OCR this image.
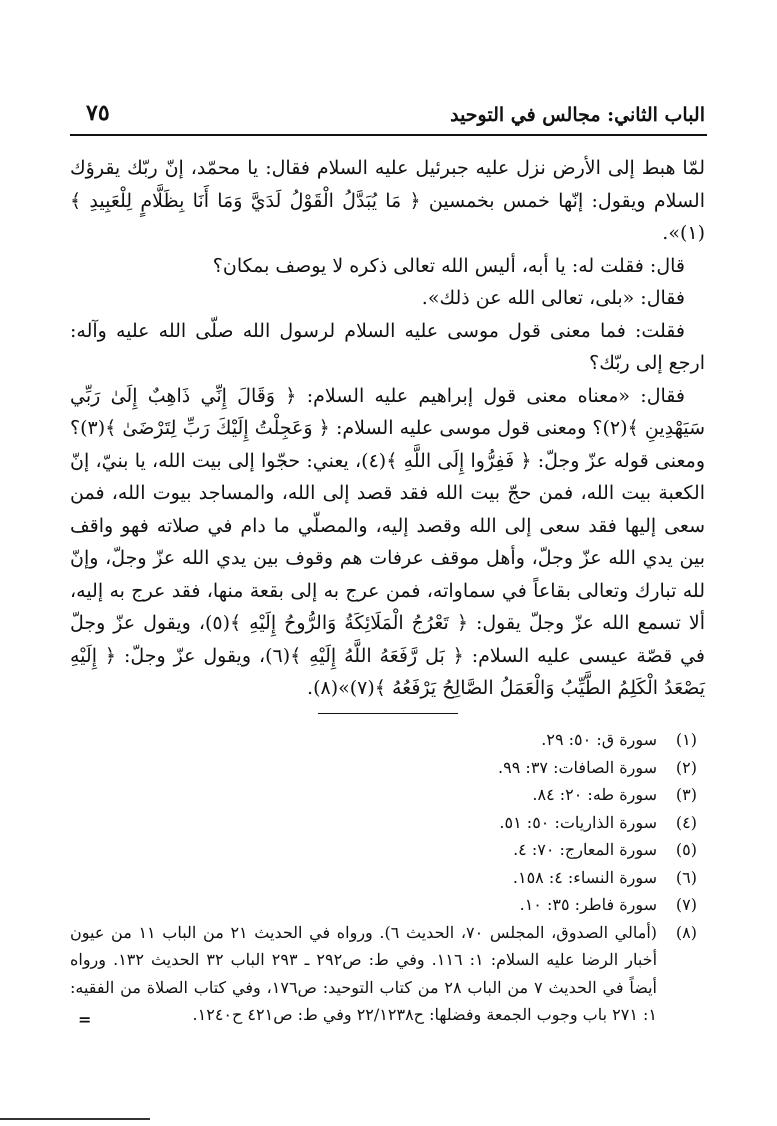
الباب الثاني: مجالس في التوحيد
٧٥

لمّا هبط إلى الأرض نزل عليه جبرئيل عليه السلام فقال: يا محمّد، إنّ ربّك يقرؤك السلام ويقول: إنّها خمس بخمسين ﴿ مَا يُبَدَّلُ الْقَوْلُ لَدَيَّ وَمَا أَنَا بِظَلَّامٍ لِلْعَبِيدِ ﴾(١)».

قال: فقلت له: يا أبه، أليس الله تعالى ذكره لا يوصف بمكان؟

فقال: «بلى، تعالى الله عن ذلك».

فقلت: فما معنى قول موسى عليه السلام لرسول الله صلّى الله عليه وآله: ارجع إلى ربّك؟

فقال: «معناه معنى قول إبراهيم عليه السلام: ﴿ وَقَالَ إِنِّي ذَاهِبٌ إِلَىٰ رَبِّي سَيَهْدِينِ ﴾(٢)؟ ومعنى قول موسى عليه السلام: ﴿ وَعَجِلْتُ إِلَيْكَ رَبِّ لِتَرْضَىٰ ﴾(٣)؟ ومعنى قوله عزّ وجلّ: ﴿ فَفِرُّوا إِلَى اللَّهِ ﴾(٤)، يعني: حجّوا إلى بيت الله، يا بنيّ، إنّ الكعبة بيت الله، فمن حجّ بيت الله فقد قصد إلى الله، والمساجد بيوت الله، فمن سعى إليها فقد سعى إلى الله وقصد إليه، والمصلّي ما دام في صلاته فهو واقف بين يدي الله عزّ وجلّ، وأهل موقف عرفات هم وقوف بين يدي الله عزّ وجلّ، وإنّ لله تبارك وتعالى بقاعاً في سماواته، فمن عرج به إلى بقعة منها، فقد عرج به إليه، ألا تسمع الله عزّ وجلّ يقول: ﴿ تَعْرُجُ الْمَلَائِكَةُ وَالرُّوحُ إِلَيْهِ ﴾(٥)، ويقول عزّ وجلّ في قصّة عيسى عليه السلام: ﴿ بَل رَّفَعَهُ اللَّهُ إِلَيْهِ ﴾(٦)، ويقول عزّ وجلّ: ﴿ إِلَيْهِ يَصْعَدُ الْكَلِمُ الطَّيِّبُ وَالْعَمَلُ الصَّالِحُ يَرْفَعُهُ ﴾(٧)»(٨).

(١)
سورة ق: ٥٠: ٢٩.
(٢)
سورة الصافات: ٣٧: ٩٩.
(٣)
سورة طه: ٢٠: ٨٤.
(٤)
سورة الذاريات: ٥٠: ٥١.
(٥)
سورة المعارج: ٧٠: ٤.
(٦)
سورة النساء: ٤: ١٥٨.
(٧)
سورة فاطر: ٣٥: ١٠.
(٨)
(أمالي الصدوق، المجلس ٧٠، الحديث ٦). ورواه في الحديث ٢١ من الباب ١١ من عيون أخبار الرضا عليه السلام: ١: ١١٦. وفي ط: ص٢٩٢ ـ ٢٩٣ الباب ٣٢ الحديث ١٣٢. ورواه أيضاً في الحديث ٧ من الباب ٢٨ من كتاب التوحيد: ص١٧٦، وفي كتاب الصلاة من الفقيه: ١: ٢٧١ باب وجوب الجمعة وفضلها: ح٢٢/١٢٣٨ وفي ط: ص٤٢١ ح١٢٤٠.
=
